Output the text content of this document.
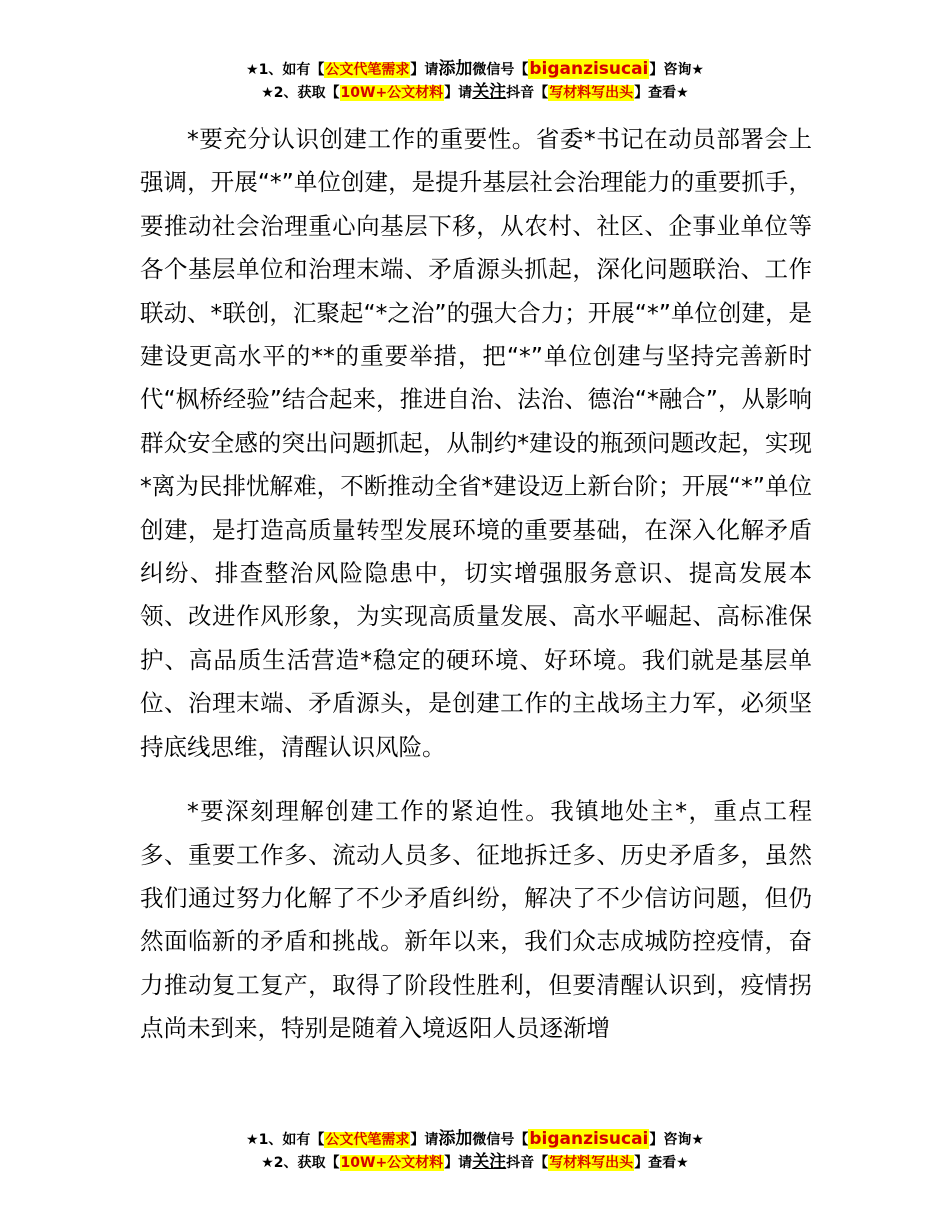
★1、如有【公文代笔需求】请添加微信号【biganzisucai】咨询★
★2、获取【10W+公文材料】请关注抖音【写材料写出头】查看★

*要充分认识创建工作的重要性。省委*书记在动员部署会上强调，开展“*”单位创建，是提升基层社会治理能力的重要抓手，要推动社会治理重心向基层下移，从农村、社区、企事业单位等各个基层单位和治理末端、矛盾源头抓起，深化问题联治、工作联动、*联创，汇聚起“*之治”的强大合力；开展“*”单位创建，是建设更高水平的**的重要举措，把“*”单位创建与坚持完善新时代“枫桥经验”结合起来，推进自治、法治、德治“*融合”，从影响群众安全感的突出问题抓起，从制约*建设的瓶颈问题改起，实现*离为民排忧解难，不断推动全省*建设迈上新台阶；开展“*”单位创建，是打造高质量转型发展环境的重要基础，在深入化解矛盾纠纷、排查整治风险隐患中，切实增强服务意识、提高发展本领、改进作风形象，为实现高质量发展、高水平崛起、高标准保护、高品质生活营造*稳定的硬环境、好环境。我们就是基层单位、治理末端、矛盾源头，是创建工作的主战场主力军，必须坚持底线思维，清醒认识风险。

*要深刻理解创建工作的紧迫性。我镇地处主*，重点工程多、重要工作多、流动人员多、征地拆迁多、历史矛盾多，虽然我们通过努力化解了不少矛盾纠纷，解决了不少信访问题，但仍然面临新的矛盾和挑战。新年以来，我们众志成城防控疫情，奋力推动复工复产，取得了阶段性胜利，但要清醒认识到，疫情拐点尚未到来，特别是随着入境返阳人员逐渐增

★1、如有【公文代笔需求】请添加微信号【biganzisucai】咨询★
★2、获取【10W+公文材料】请关注抖音【写材料写出头】查看★
